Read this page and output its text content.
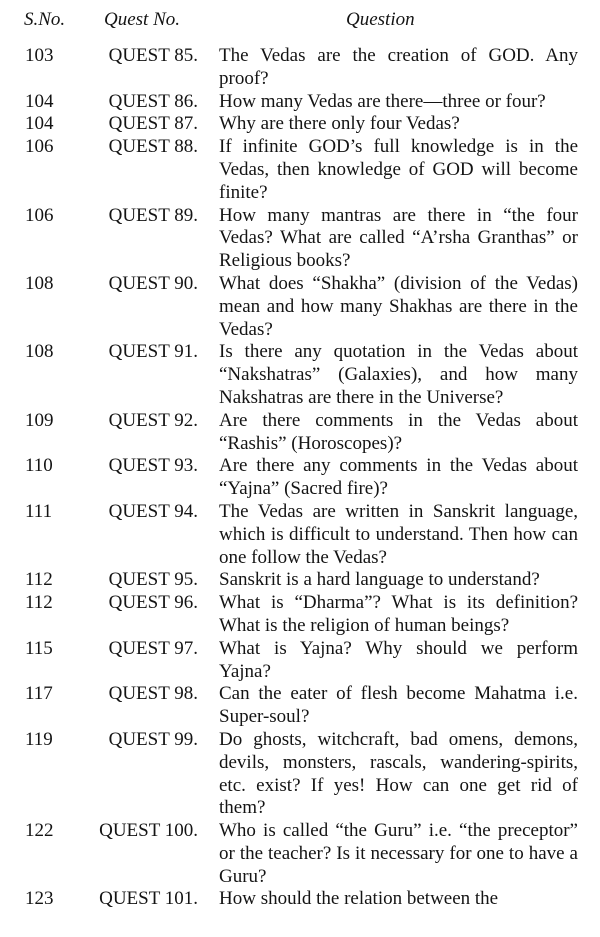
S.No. Quest No.	Question
103	QUEST 85. The Vedas are the creation of GOD. Any proof?
104	QUEST 86. How many Vedas are there—three or four?
104	QUEST 87. Why are there only four Vedas?
106	QUEST 88. If infinite GOD’s full knowledge is in the Vedas, then knowledge of GOD will become finite?
106	QUEST 89. How many mantras are there in “the four Vedas? What are called “A’rsha Granthas” or Religious books?
108	QUEST 90. What does “Shakha” (division of the Vedas) mean and how many Shakhas are there in the Vedas?
108	QUEST 91. Is there any quotation in the Vedas about “Nakshatras” (Galaxies), and how many Nakshatras are there in the Universe?
109	QUEST 92. Are there comments in the Vedas about “Rashis” (Horoscopes)?
110	QUEST 93. Are there any comments in the Vedas about “Yajna” (Sacred fire)?
111	QUEST 94. The Vedas are written in Sanskrit language, which is difficult to understand. Then how can one follow the Vedas?
112	QUEST 95. Sanskrit is a hard language to understand?
112	QUEST 96. What is “Dharma”? What is its definition? What is the religion of human beings?
115	QUEST 97. What is Yajna? Why should we perform Yajna?
117	QUEST 98. Can the eater of flesh become Mahatma i.e. Super-soul?
119	QUEST 99. Do ghosts, witchcraft, bad omens, demons, devils, monsters, rascals, wandering-spirits, etc. exist? If yes! How can one get rid of them?
122 QUEST 100. Who is called “the Guru” i.e. “the preceptor” or the teacher? Is it necessary for one to have a Guru?
123 QUEST 101. How should the relation between the
